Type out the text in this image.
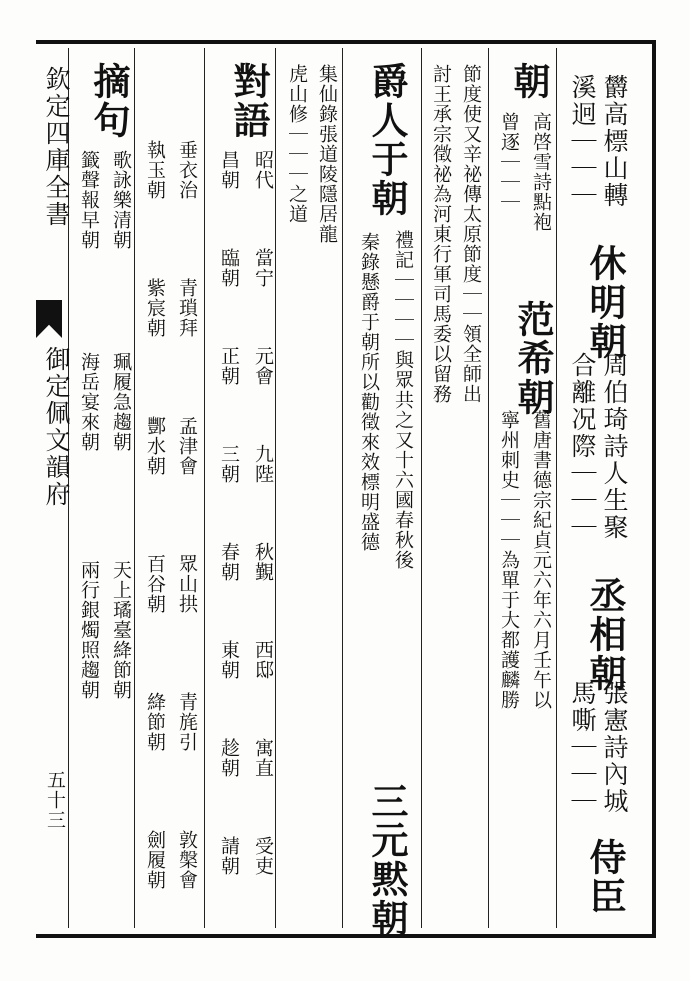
欽定四庫全書
御定佩文韻府
五十三
欝高標山轉
休明朝
周伯琦詩人生聚
丞相朝
張憲詩內城
侍臣
溪迥｜｜｜
合離况際｜｜｜
馬嘶｜｜｜
朝
高啓雪詩點袍
范希朝
舊唐書德宗紀貞元六年六月壬午以
曾逐｜｜｜
寧州刺史｜｜｜為單于大都護麟勝
節度使又辛祕傳太原節度｜｜領全師出
討王承宗徵祕為河東行軍司馬委以留務
爵人于朝
禮記｜｜｜｜與眾共之又十六國春秋後
秦錄懸爵于朝所以勸徵來效標明盛德
三元黙朝
集仙錄張道陵隱居龍
虎山修｜｜｜之道
對語
昭代
當宁
元會
九陛
秋覲
西邸
寓直
受吏
昌朝
臨朝
正朝
三朝
春朝
東朝
趁朝
請朝
垂衣治
青瑣拜
孟津會
眾山拱
青旄引
敦槃會
執玉朝
紫宸朝
酆水朝
百谷朝
絳節朝
劍履朝
摘句
歌詠樂清朝
珮履急趨朝
天上璚臺絳節朝
籤聲報早朝
海岳宴來朝
兩行銀燭照趨朝
